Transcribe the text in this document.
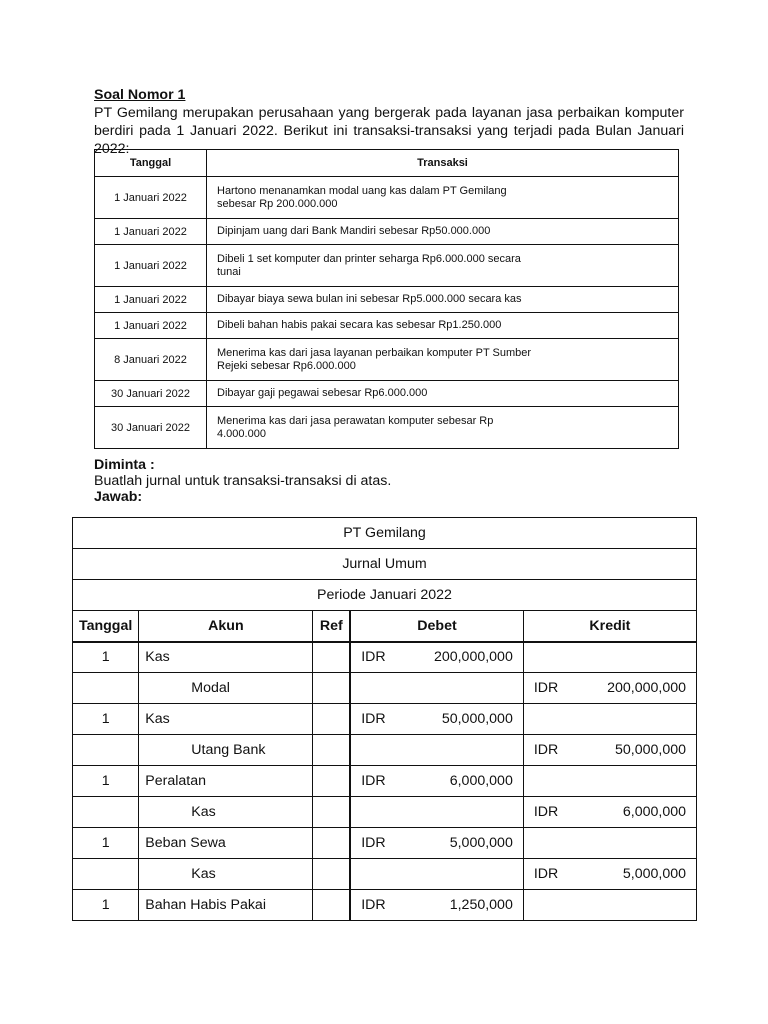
Soal Nomor 1
PT Gemilang merupakan perusahaan yang bergerak pada layanan jasa perbaikan komputer berdiri pada 1 Januari 2022. Berikut ini transaksi-transaksi yang terjadi pada Bulan Januari 2022:
Tanggal	Transaksi
1 Januari 2022	Hartono menanamkan modal uang kas dalam PT Gemilang
sebesar Rp 200.000.000

1 Januari 2022	Dipinjam uang dari Bank Mandiri sebesar Rp50.000.000

1 Januari 2022	Dibeli 1 set komputer dan printer seharga Rp6.000.000 secara
tunai

1 Januari 2022	Dibayar biaya sewa bulan ini sebesar Rp5.000.000 secara kas

1 Januari 2022	Dibeli bahan habis pakai secara kas sebesar Rp1.250.000

8 Januari 2022	Menerima kas dari jasa layanan perbaikan komputer PT Sumber
Rejeki sebesar Rp6.000.000

30 Januari 2022	Dibayar gaji pegawai sebesar Rp6.000.000

30 Januari 2022	Menerima kas dari jasa perawatan komputer sebesar Rp
4.000.000
Diminta :
Buatlah jurnal untuk transaksi-transaksi di atas.
Jawab:
PT Gemilang				
Jurnal Umum				
Periode Januari 2022				
Tanggal	Akun	Ref	Debet	Kredit
1	Kas		IDR 200,000,000	

	Modal			IDR 200,000,000

1	Kas		IDR 50,000,000	

	Utang Bank			IDR 50,000,000

1	Peralatan		IDR 6,000,000	

	Kas			IDR 6,000,000

1	Beban Sewa		IDR 5,000,000	

	Kas			IDR 5,000,000

1	Bahan Habis Pakai		IDR 1,250,000	
